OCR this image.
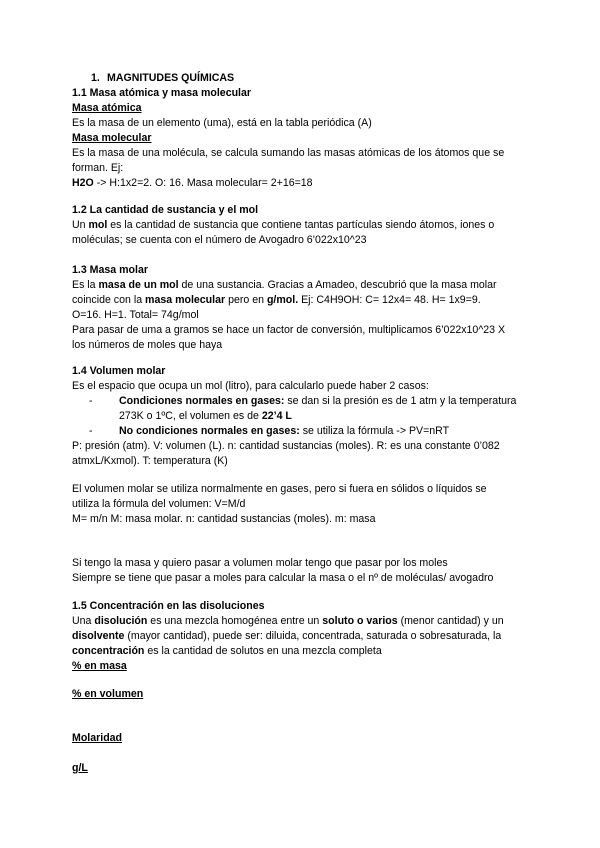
1. MAGNITUDES QUÍMICAS
1.1 Masa atómica y masa molecular
Masa atómica
Es la masa de un elemento (uma), está en la tabla periódica (A)
Masa molecular
Es la masa de una molécula, se calcula sumando las masas atómicas de los átomos que se
forman. Ej:
H2O -> H:1x2=2. O: 16. Masa molecular= 2+16=18
1.2 La cantidad de sustancia y el mol
Un mol es la cantidad de sustancia que contiene tantas partículas siendo átomos, iones o
moléculas; se cuenta con el número de Avogadro 6’022x10^23
1.3 Masa molar
Es la masa de un mol de una sustancia. Gracias a Amadeo, descubrió que la masa molar
coincide con la masa molecular pero en g/mol. Ej: C4H9OH: C= 12x4= 48. H= 1x9=9.
O=16. H=1. Total= 74g/mol
Para pasar de uma a gramos se hace un factor de conversión, multiplicamos 6’022x10^23 X
los números de moles que haya
1.4 Volumen molar
Es el espacio que ocupa un mol (litro), para calcularlo puede haber 2 casos:
- Condiciones normales en gases: se dan si la presión es de 1 atm y la temperatura
273K o 1ºC, el volumen es de 22’4 L
- No condiciones normales en gases: se utiliza la fórmula -> PV=nRT
P: presión (atm). V: volumen (L). n: cantidad sustancias (moles). R: es una constante 0’082
atmxL/Kxmol). T: temperatura (K)
El volumen molar se utiliza normalmente en gases, pero si fuera en sólidos o líquidos se
utiliza la fórmula del volumen: V=M/d
M= m/n M: masa molar. n: cantidad sustancias (moles). m: masa
Si tengo la masa y quiero pasar a volumen molar tengo que pasar por los moles
Siempre se tiene que pasar a moles para calcular la masa o el nº de moléculas/ avogadro
1.5 Concentración en las disoluciones
Una disolución es una mezcla homogénea entre un soluto o varios (menor cantidad) y un
disolvente (mayor cantidad), puede ser: diluida, concentrada, saturada o sobresaturada, la
concentración es la cantidad de solutos en una mezcla completa
% en masa
% en volumen
Molaridad
g/L
